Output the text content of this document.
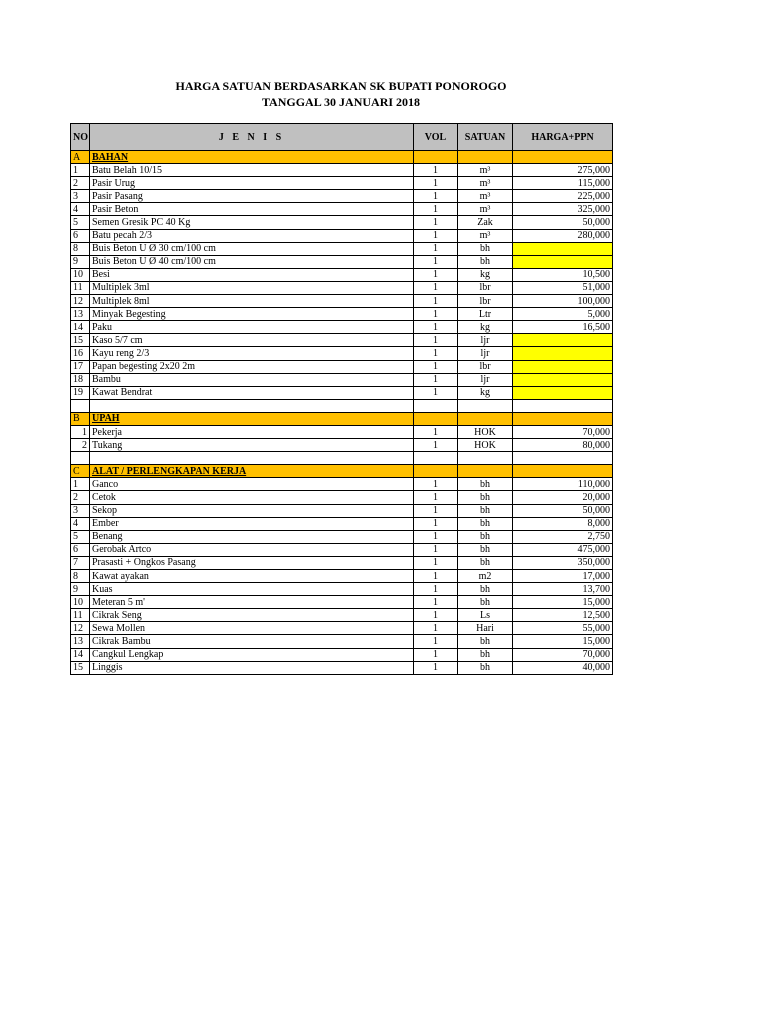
HARGA SATUAN BERDASARKAN SK BUPATI PONOROGO
TANGGAL 30 JANUARI 2018
NO	J E N I S	VOL	SATUAN	HARGA+PPN
A	BAHAN			
1	Batu Belah 10/15	1	m³	275,000
2	Pasir Urug	1	m³	115,000
3	Pasir Pasang	1	m³	225,000
4	Pasir Beton	1	m³	325,000
5	Semen Gresik PC 40 Kg	1	Zak	50,000
6	Batu pecah 2/3	1	m³	280,000
8	Buis Beton U Ø 30 cm/100 cm	1	bh	
9	Buis Beton U Ø 40 cm/100 cm	1	bh	
10	Besi	1	kg	10,500
11	Multiplek 3ml	1	lbr	51,000
12	Multiplek 8ml	1	lbr	100,000
13	Minyak Begesting	1	Ltr	5,000
14	Paku	1	kg	16,500
15	Kaso 5/7 cm	1	ljr	
16	Kayu reng 2/3	1	ljr	
17	Papan begesting 2x20 2m	1	lbr	
18	Bambu	1	ljr	
19	Kawat Bendrat	1	kg	

B	UPAH			
1	Pekerja	1	HOK	70,000
2	Tukang	1	HOK	80,000

C	ALAT / PERLENGKAPAN KERJA			
1	Ganco	1	bh	110,000
2	Cetok	1	bh	20,000
3	Sekop	1	bh	50,000
4	Ember	1	bh	8,000
5	Benang	1	bh	2,750
6	Gerobak Artco	1	bh	475,000
7	Prasasti + Ongkos Pasang	1	bh	350,000
8	Kawat ayakan	1	m2	17,000
9	Kuas	1	bh	13,700
10	Meteran 5 m'	1	bh	15,000
11	Cikrak Seng	1	Ls	12,500
12	Sewa Mollen	1	Hari	55,000
13	Cikrak Bambu	1	bh	15,000
14	Cangkul Lengkap	1	bh	70,000
15	Linggis	1	bh	40,000
